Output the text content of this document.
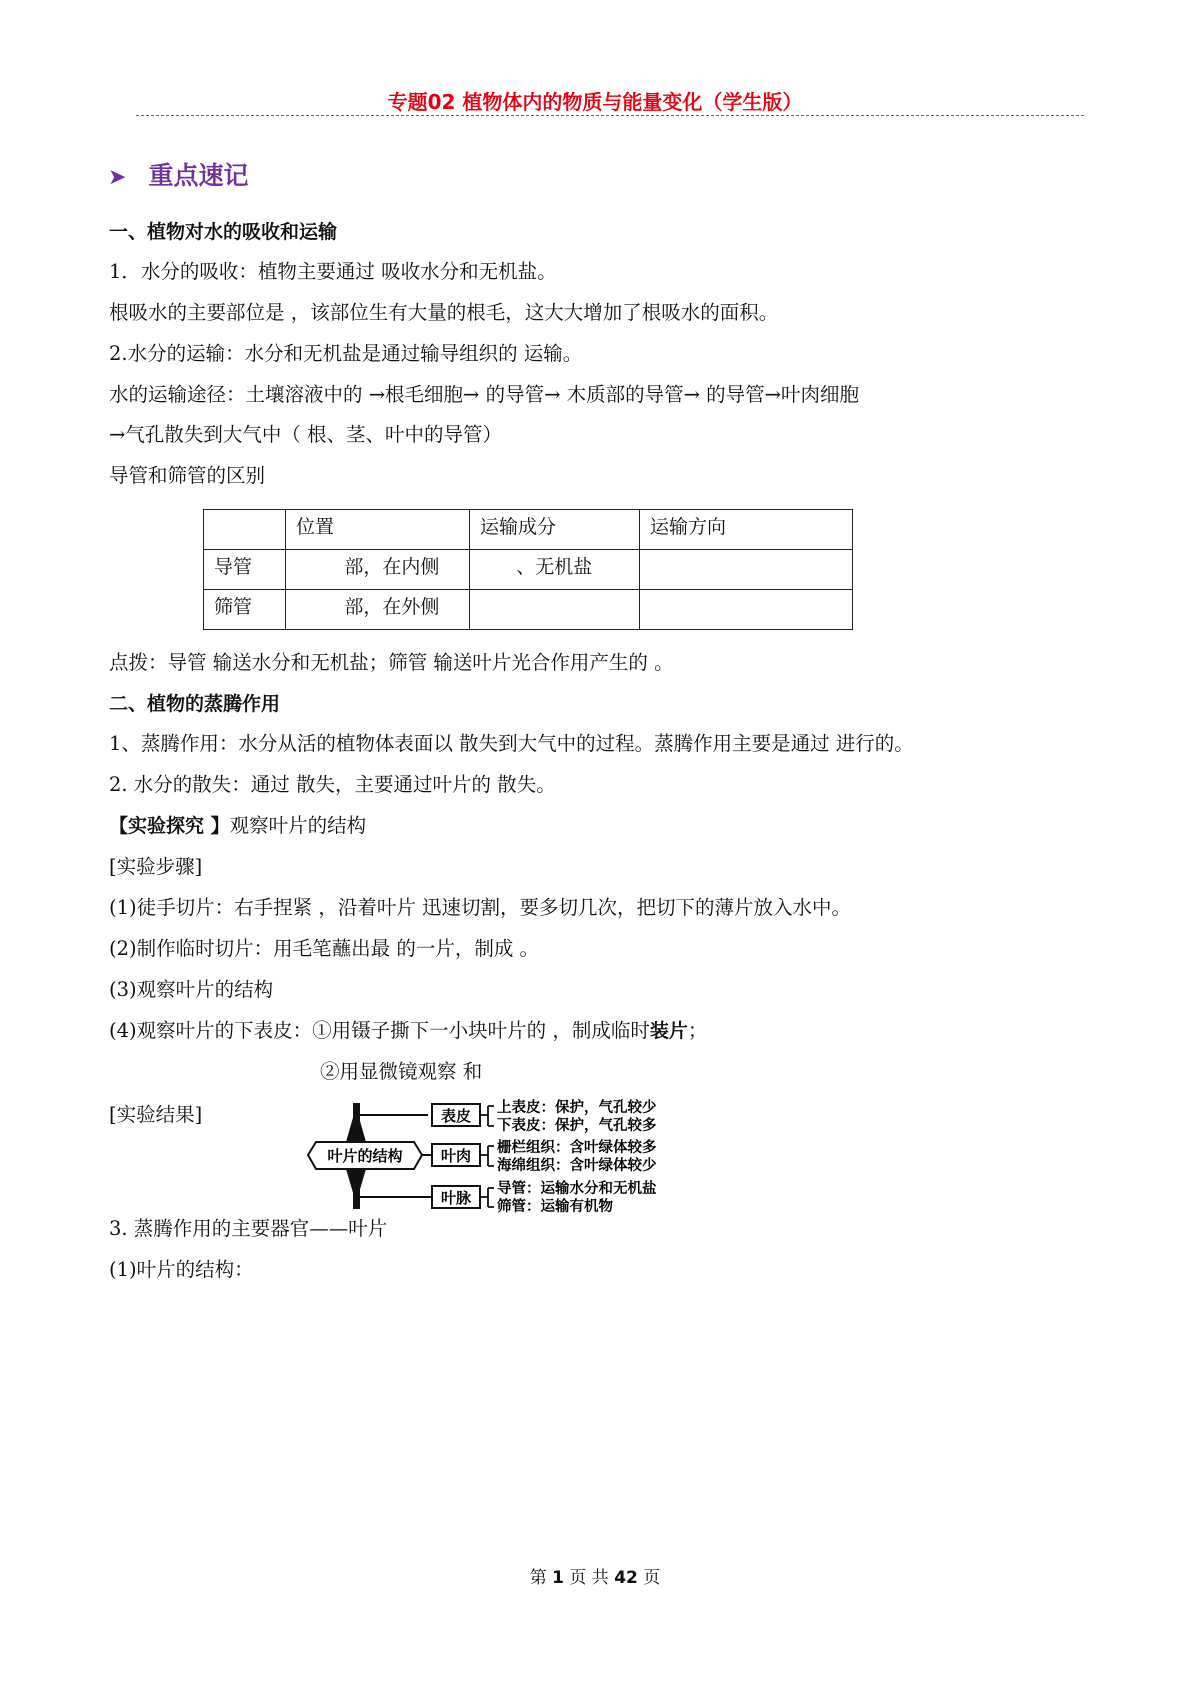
专题02 植物体内的物质与能量变化（学生版）
➤ 重点速记
一、植物对水的吸收和运输
1．水分的吸收：植物主要通过 吸收水分和无机盐。
根吸水的主要部位是 ，该部位生有大量的根毛，这大大增加了根吸水的面积。
2.水分的运输：水分和无机盐是通过输导组织的 运输。
水的运输途径：土壤溶液中的 →根毛细胞→ 的导管→ 木质部的导管→ 的导管→叶肉细胞
→气孔散失到大气中（ 根、茎、叶中的导管）
导管和筛管的区别
	位置	运输成分	运输方向
导管	部，在内侧	、无机盐	
筛管	部，在外侧		
点拨：导管 输送水分和无机盐；筛管 输送叶片光合作用产生的 。
二、植物的蒸腾作用
1、蒸腾作用：水分从活的植物体表面以 散失到大气中的过程。蒸腾作用主要是通过 进行的。
2. 水分的散失：通过 散失，主要通过叶片的 散失。
【实验探究 】观察叶片的结构
[实验步骤]
(1)徒手切片：右手捏紧 ，沿着叶片 迅速切割，要多切几次，把切下的薄片放入水中。
(2)制作临时切片：用毛笔蘸出最 的一片，制成 。
(3)观察叶片的结构
(4)观察叶片的下表皮：①用镊子撕下一小块叶片的 ，制成临时装片；
②用显微镜观察 和
[实验结果]
叶片的结构
表皮
叶肉
叶脉
上表皮：保护，气孔较少
下表皮：保护，气孔较多
栅栏组织：含叶绿体较多
海绵组织：含叶绿体较少
导管：运输水分和无机盐
筛管：运输有机物
3. 蒸腾作用的主要器官——叶片
(1)叶片的结构：
第 1 页 共 42 页
